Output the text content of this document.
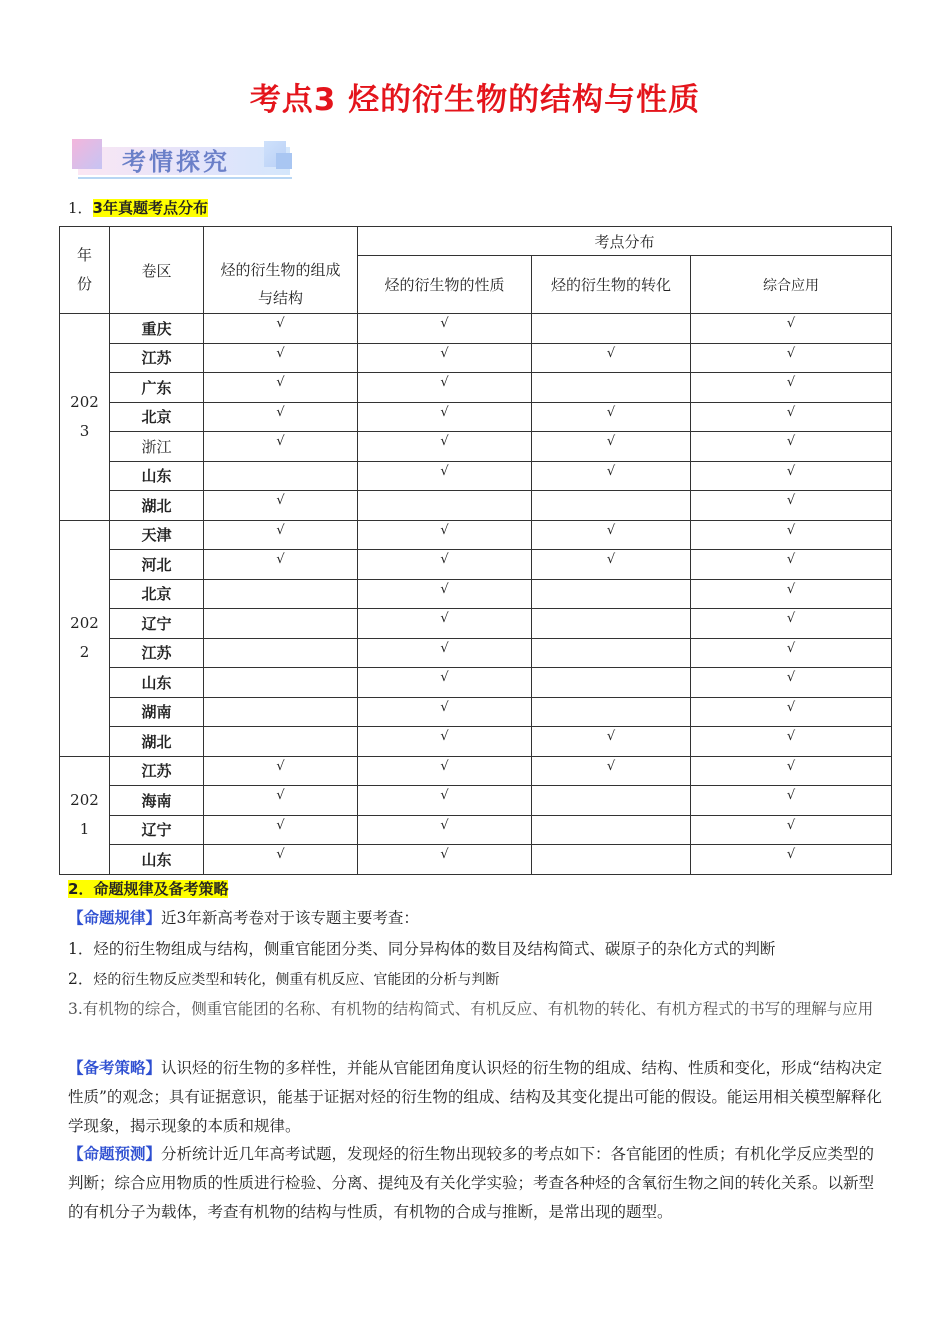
考点3 烃的衍生物的结构与性质
考情探究
1．3年真题考点分布
年
份	卷区		考点分布		
		烃的衍生物的组成
与结构	烃的衍生物的性质	烃的衍生物的转化	综合应用
202
3	重庆	√	√		√
	江苏	√	√	√	√
	广东	√	√		√
	北京	√	√	√	√
	浙江	√	√	√	√
	山东		√	√	√
	湖北	√			√
202
2	天津	√	√	√	√
	河北	√	√	√	√
	北京		√		√
	辽宁		√		√
	江苏		√		√
	山东		√		√
	湖南		√		√
	湖北		√	√	√
202
1	江苏	√	√	√	√
	海南	√	√		√
	辽宁	√	√		√
	山东	√	√		√
2．命题规律及备考策略
【命题规律】近3年新高考卷对于该专题主要考查：
1．烃的衍生物组成与结构，侧重官能团分类、同分异构体的数目及结构简式、碳原子的杂化方式的判断
2．烃的衍生物反应类型和转化，侧重有机反应、官能团的分析与判断
3.有机物的综合，侧重官能团的名称、有机物的结构简式、有机反应、有机物的转化、有机方程式的书写的理解与应用
【备考策略】认识烃的衍生物的多样性，并能从官能团角度认识烃的衍生物的组成、结构、性质和变化，形成“结构决定性质”的观念；具有证据意识，能基于证据对烃的衍生物的组成、结构及其变化提出可能的假设。能运用相关模型解释化学现象，揭示现象的本质和规律。
【命题预测】分析统计近几年高考试题，发现烃的衍生物出现较多的考点如下：各官能团的性质；有机化学反应类型的判断；综合应用物质的性质进行检验、分离、提纯及有关化学实验；考查各种烃的含氧衍生物之间的转化关系。以新型的有机分子为载体，考查有机物的结构与性质，有机物的合成与推断，是常出现的题型。
